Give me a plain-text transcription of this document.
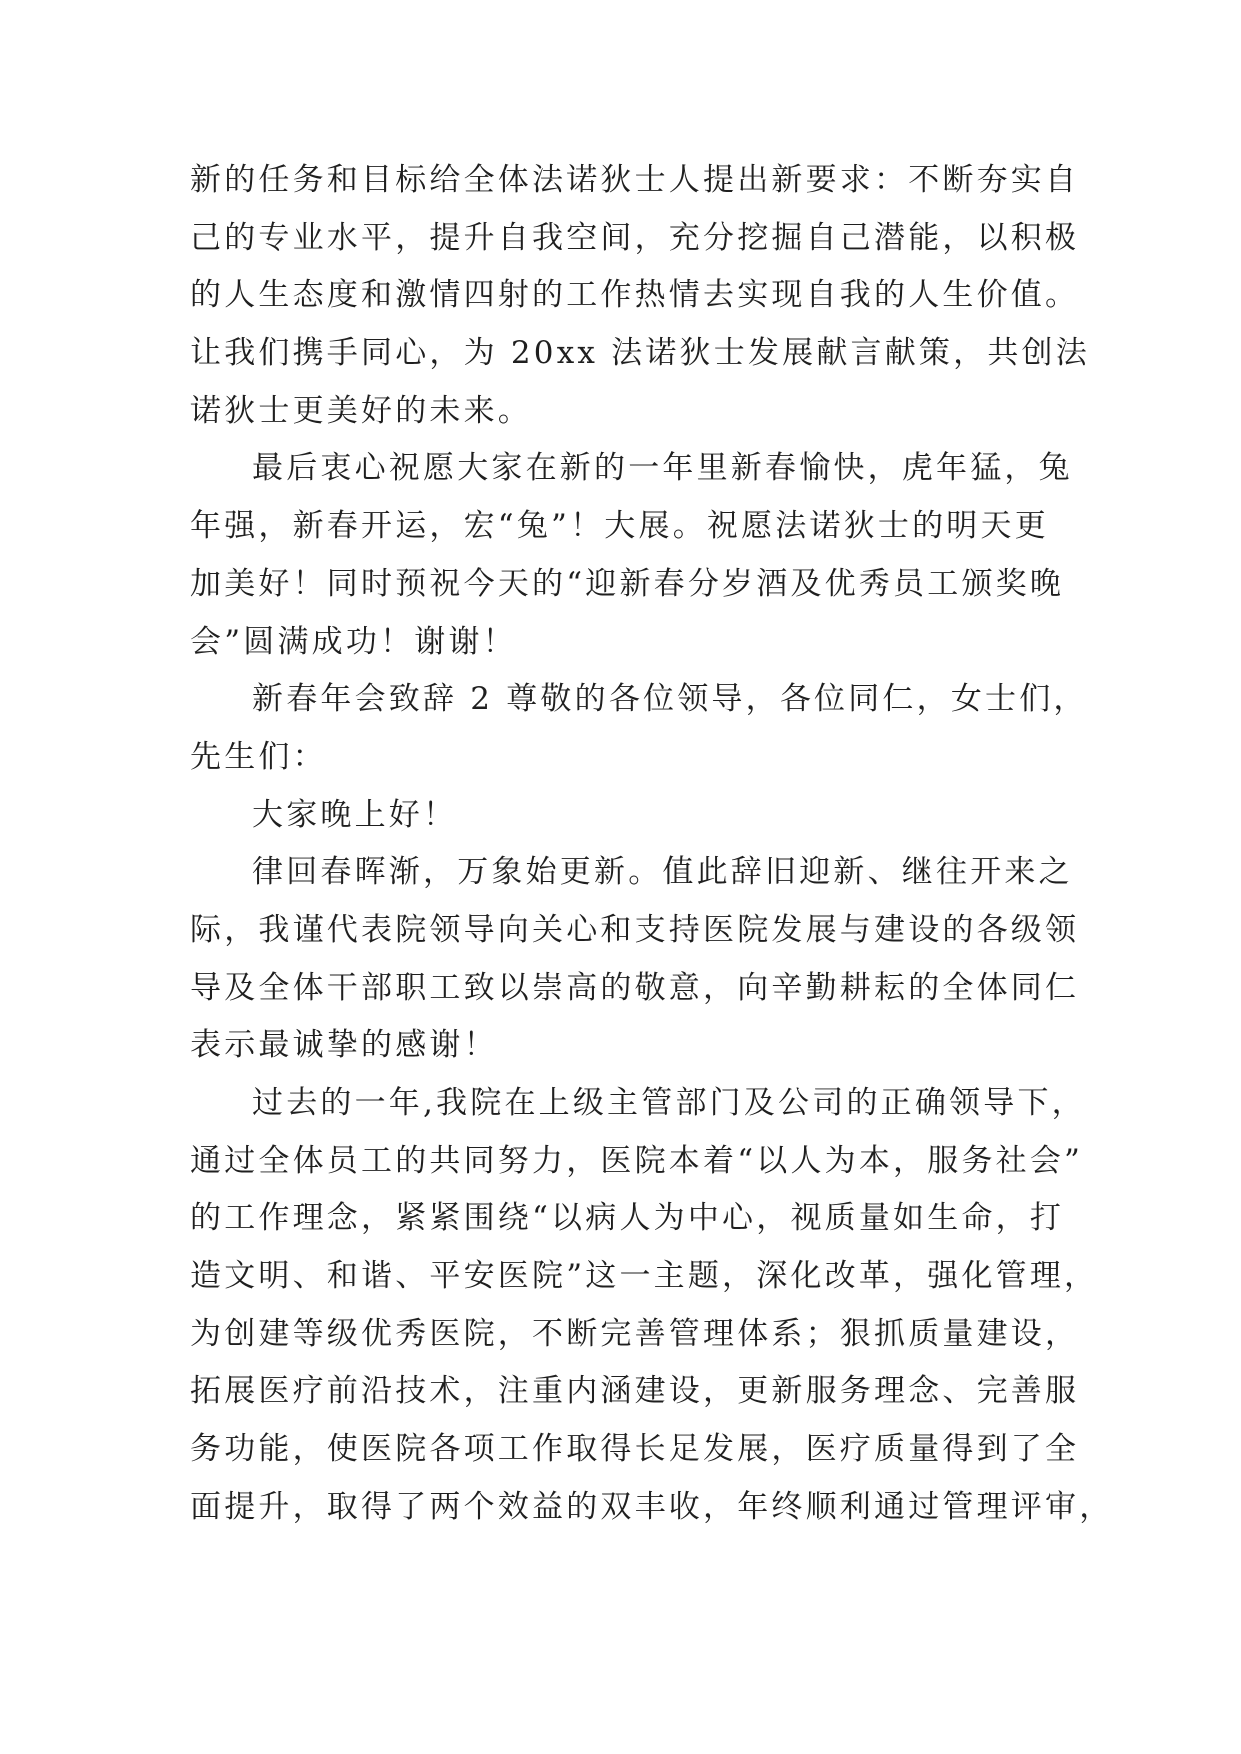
新的任务和目标给全体法诺狄士人提出新要求：不断夯实自
己的专业水平，提升自我空间，充分挖掘自己潜能，以积极
的人生态度和激情四射的工作热情去实现自我的人生价值。
让我们携手同心，为 20xx 法诺狄士发展献言献策，共创法
诺狄士更美好的未来。
最后衷心祝愿大家在新的一年里新春愉快，虎年猛，兔
年强，新春开运，宏“兔”！大展。祝愿法诺狄士的明天更
加美好！同时预祝今天的“迎新春分岁酒及优秀员工颁奖晚
会”圆满成功！谢谢！
新春年会致辞 2 尊敬的各位领导，各位同仁，女士们，
先生们：
大家晚上好！
律回春晖渐，万象始更新。值此辞旧迎新、继往开来之
际，我谨代表院领导向关心和支持医院发展与建设的各级领
导及全体干部职工致以崇高的敬意，向辛勤耕耘的全体同仁
表示最诚挚的感谢！
过去的一年,我院在上级主管部门及公司的正确领导下，
通过全体员工的共同努力，医院本着“以人为本，服务社会”
的工作理念，紧紧围绕“以病人为中心，视质量如生命，打
造文明、和谐、平安医院”这一主题，深化改革，强化管理，
为创建等级优秀医院，不断完善管理体系；狠抓质量建设，
拓展医疗前沿技术，注重内涵建设，更新服务理念、完善服
务功能，使医院各项工作取得长足发展，医疗质量得到了全
面提升，取得了两个效益的双丰收，年终顺利通过管理评审，
